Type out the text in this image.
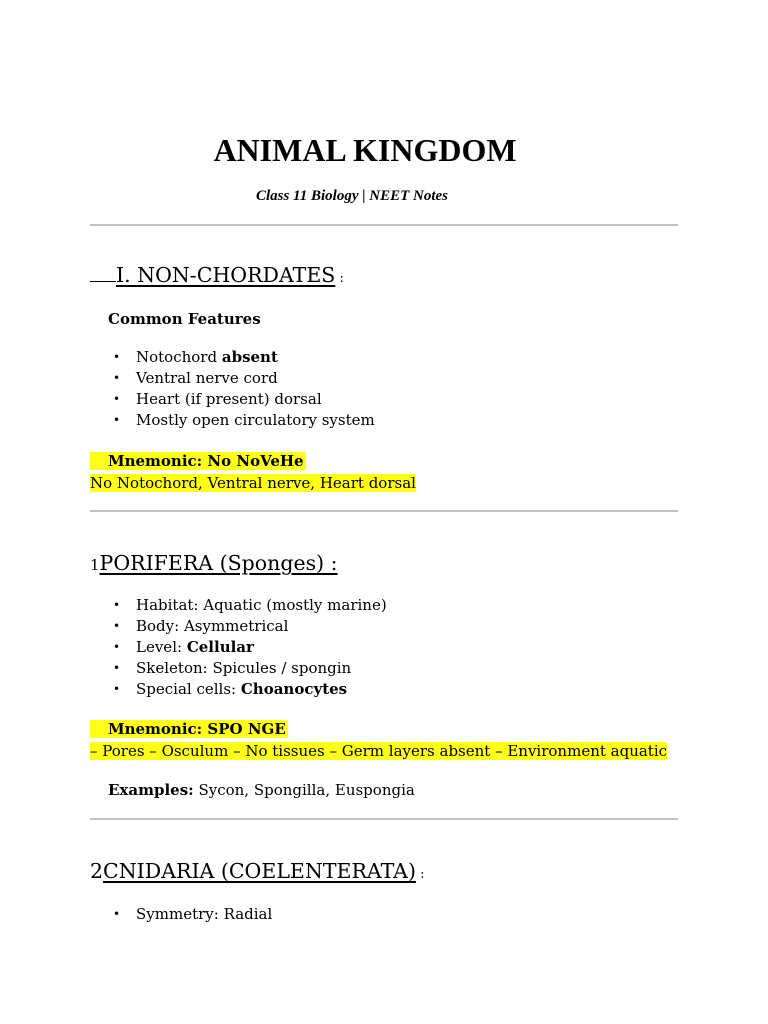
ANIMAL KINGDOM
Class 11 Biology | NEET Notes
I. NON-CHORDATES :
Common Features
• Notochord absent
• Ventral nerve cord
• Heart (if present) dorsal
• Mostly open circulatory system
Mnemonic: No NoVeHe
No Notochord, Ventral nerve, Heart dorsal
1PORIFERA (Sponges) :
• Habitat: Aquatic (mostly marine)
• Body: Asymmetrical
• Level: Cellular
• Skeleton: Spicules / spongin
• Special cells: Choanocytes
Mnemonic: SPO NGE
– Pores – Osculum – No tissues – Germ layers absent – Environment aquatic
Examples: Sycon, Spongilla, Euspongia
2CNIDARIA (COELENTERATA) :
• Symmetry: Radial
